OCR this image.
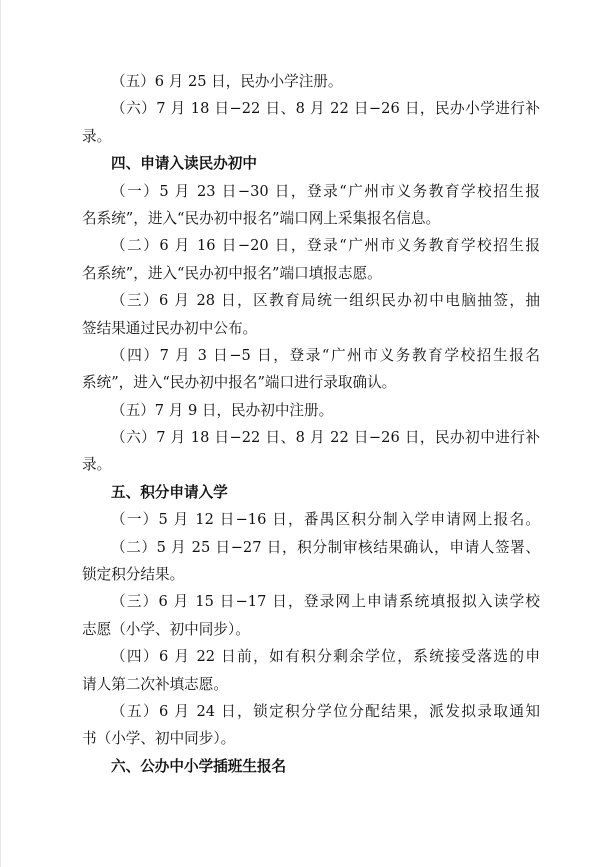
（五）6 月 25 日，民办小学注册。
（六）7 月 18 日−22 日、8 月 22 日−26 日，民办小学进行补
录。
四、申请入读民办初中
（一）5 月 23 日−30 日，登录“广州市义务教育学校招生报
名系统”，进入“民办初中报名”端口网上采集报名信息。
（二）6 月 16 日−20 日，登录“广州市义务教育学校招生报
名系统”，进入“民办初中报名”端口填报志愿。
（三）6 月 28 日，区教育局统一组织民办初中电脑抽签，抽
签结果通过民办初中公布。
（四）7 月 3 日−5 日，登录“广州市义务教育学校招生报名
系统”，进入“民办初中报名”端口进行录取确认。
（五）7 月 9 日，民办初中注册。
（六）7 月 18 日−22 日、8 月 22 日−26 日，民办初中进行补
录。
五、积分申请入学
（一）5 月 12 日−16 日，番禺区积分制入学申请网上报名。
（二）5 月 25 日−27 日，积分制审核结果确认，申请人签署、
锁定积分结果。
（三）6 月 15 日−17 日，登录网上申请系统填报拟入读学校
志愿（小学、初中同步）。
（四）6 月 22 日前，如有积分剩余学位，系统接受落选的申
请人第二次补填志愿。
（五）6 月 24 日，锁定积分学位分配结果，派发拟录取通知
书（小学、初中同步）。
六、公办中小学插班生报名
